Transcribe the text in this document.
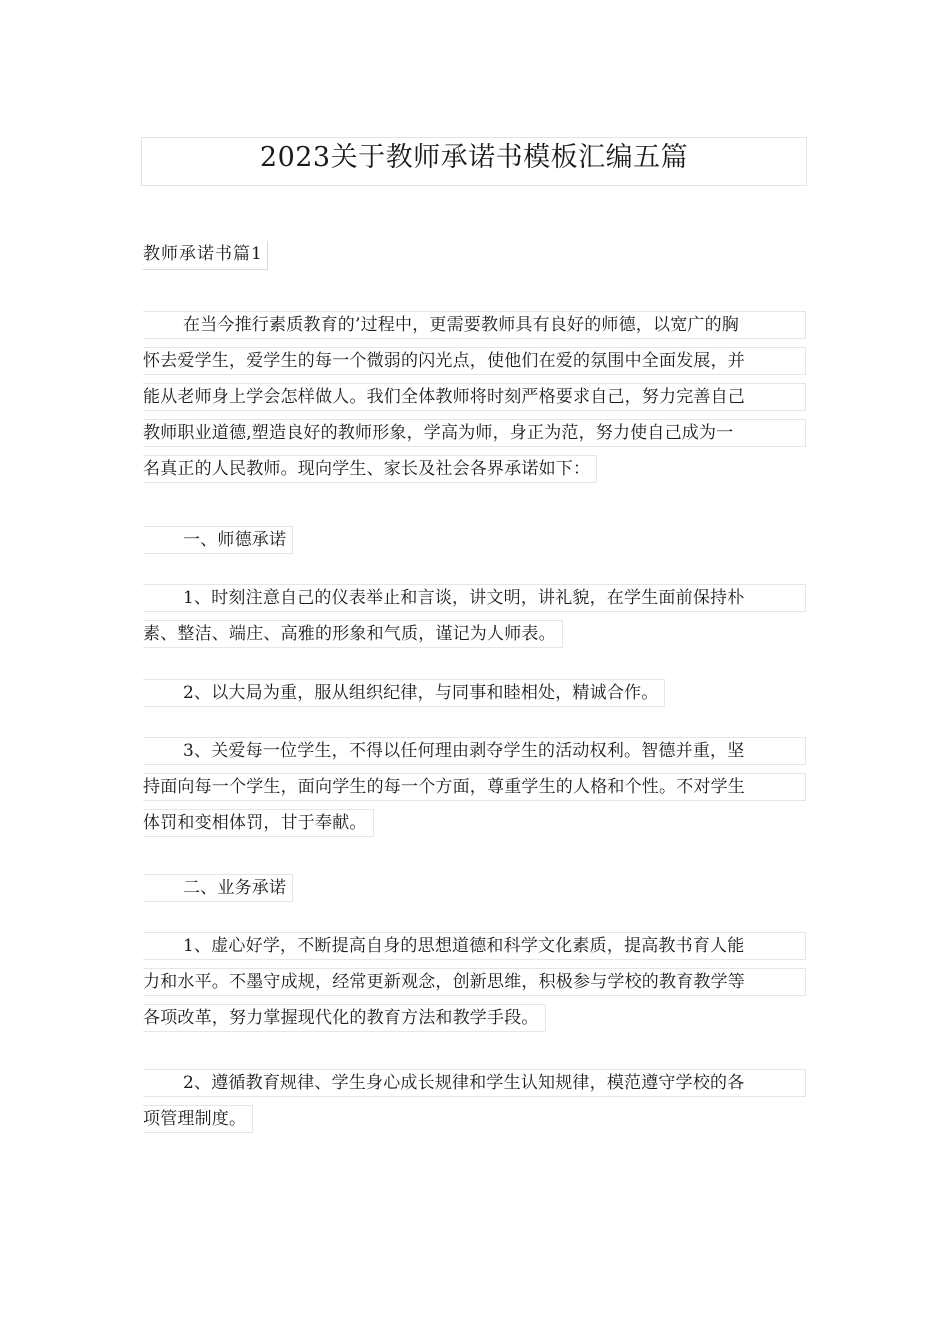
2023关于教师承诺书模板汇编五篇
教师承诺书篇1
在当今推行素质教育的’过程中，更需要教师具有良好的师德，以宽广的胸
怀去爱学生，爱学生的每一个微弱的闪光点，使他们在爱的氛围中全面发展，并
能从老师身上学会怎样做人。我们全体教师将时刻严格要求自己，努力完善自己
教师职业道德,塑造良好的教师形象，学高为师，身正为范，努力使自己成为一
名真正的人民教师。现向学生、家长及社会各界承诺如下：
一、师德承诺
1、时刻注意自己的仪表举止和言谈，讲文明，讲礼貌，在学生面前保持朴
素、整洁、端庄、高雅的形象和气质，谨记为人师表。
2、以大局为重，服从组织纪律，与同事和睦相处，精诚合作。
3、关爱每一位学生，不得以任何理由剥夺学生的活动权利。智德并重，坚
持面向每一个学生，面向学生的每一个方面，尊重学生的人格和个性。不对学生
体罚和变相体罚，甘于奉献。
二、业务承诺
1、虚心好学，不断提高自身的思想道德和科学文化素质，提高教书育人能
力和水平。不墨守成规，经常更新观念，创新思维，积极参与学校的教育教学等
各项改革，努力掌握现代化的教育方法和教学手段。
2、遵循教育规律、学生身心成长规律和学生认知规律，模范遵守学校的各
项管理制度。
